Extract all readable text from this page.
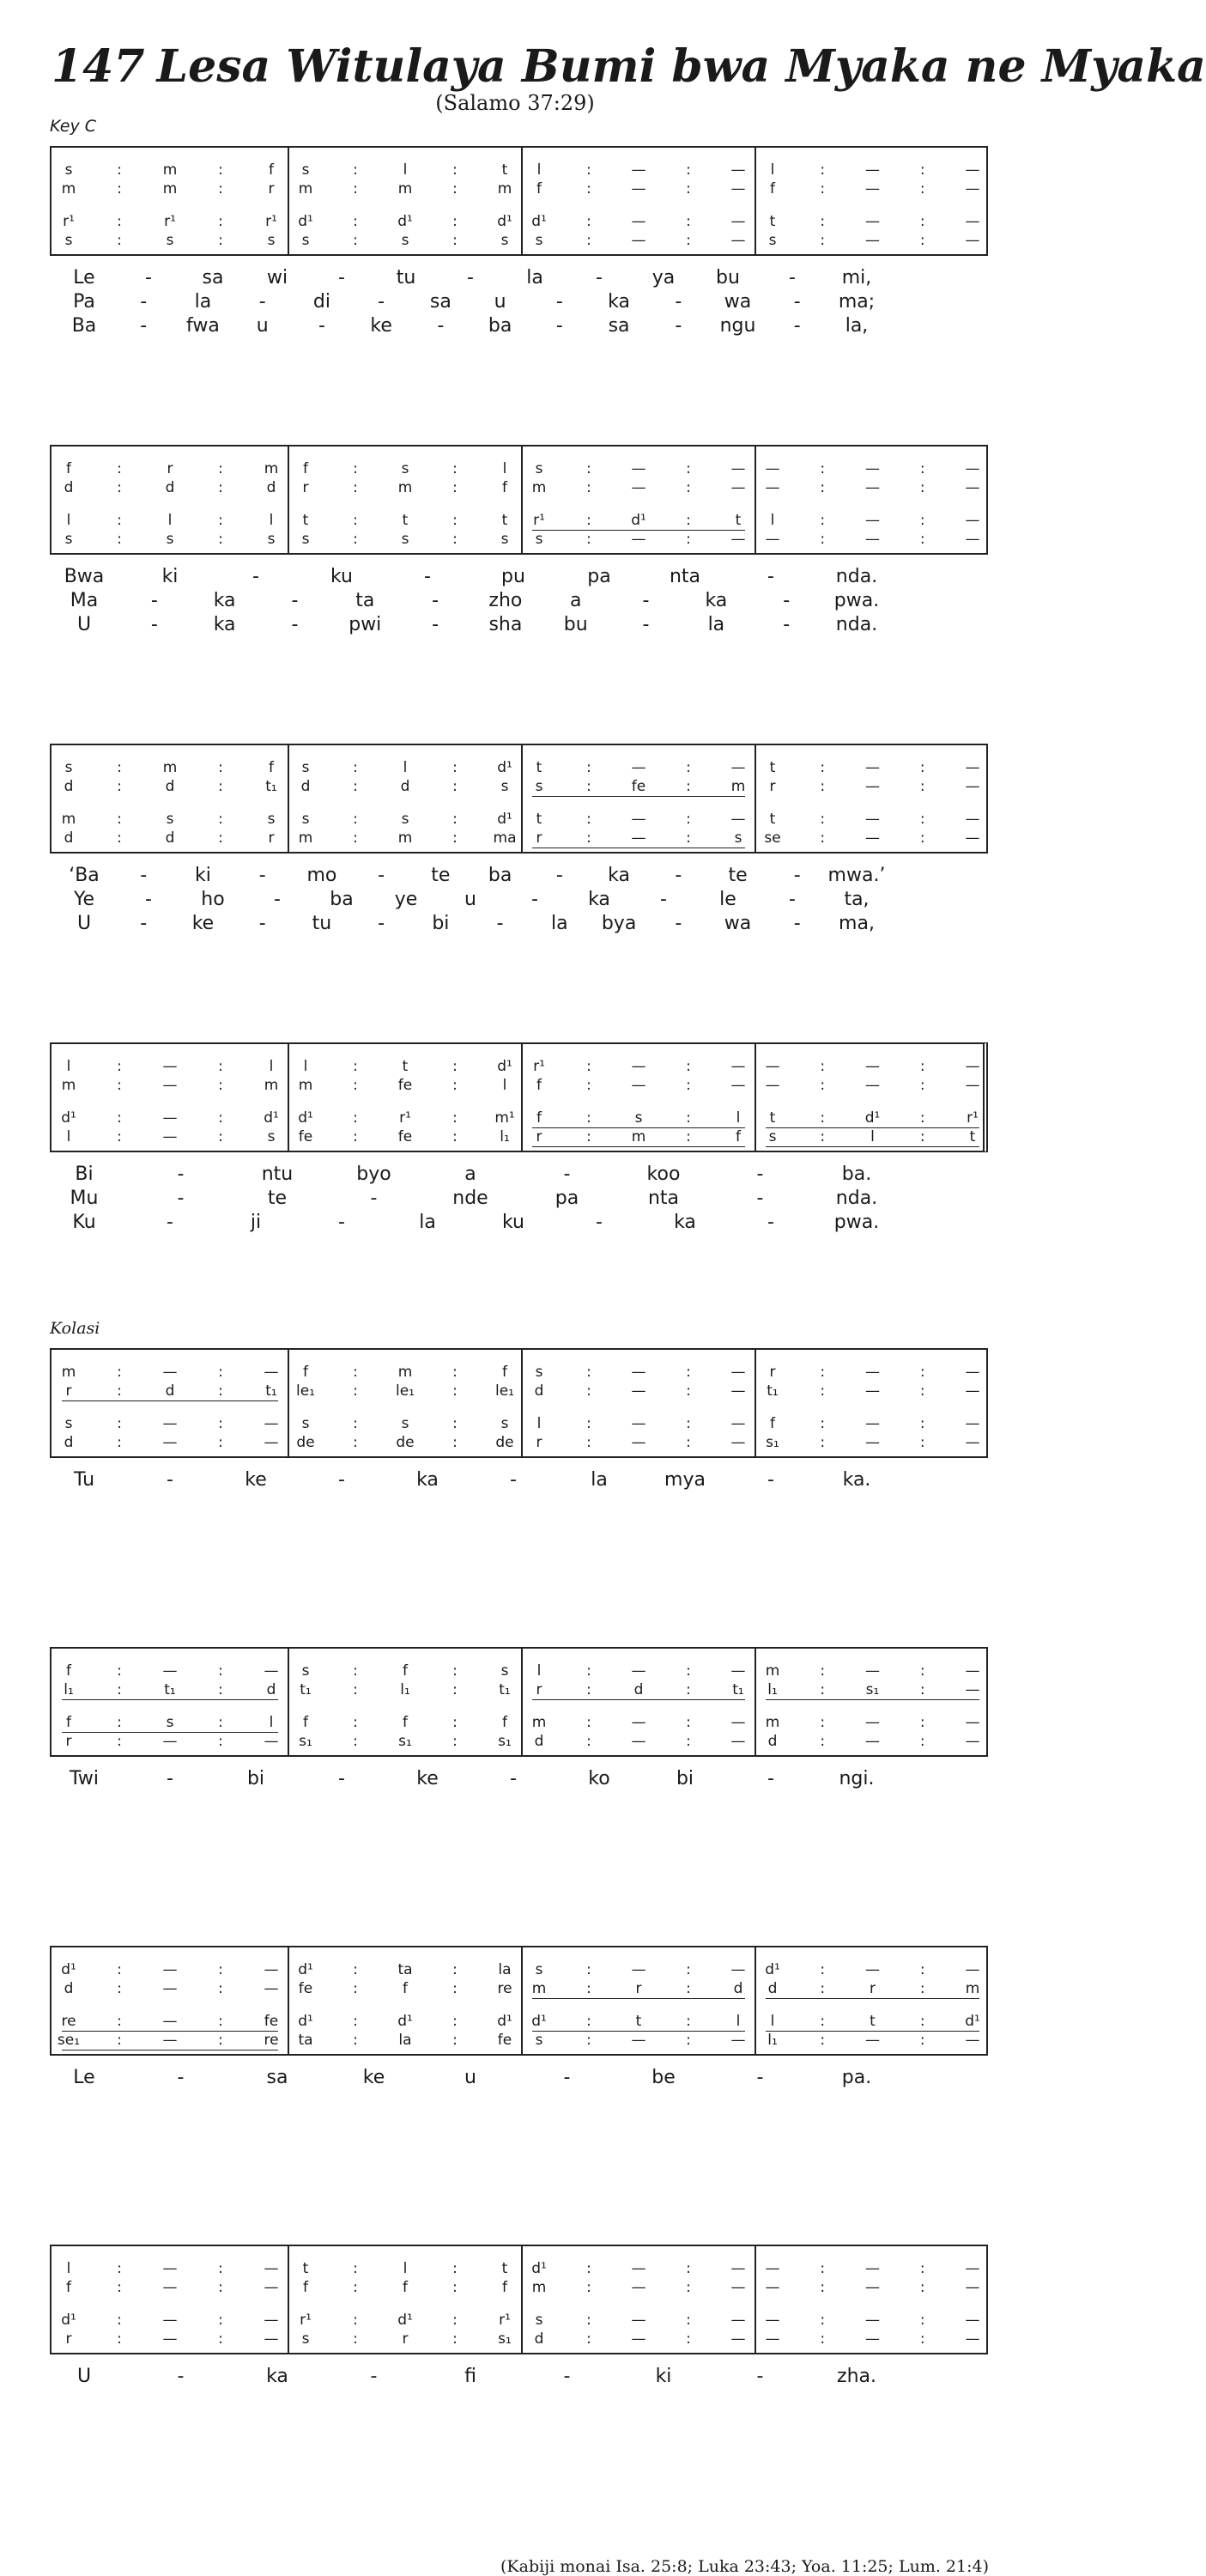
147 Lesa Witulaya Bumi bwa Myaka ne Myaka
(Salamo 37:29)
Key C
Kolasi
s	:	m	:	f s	:	l	:	t l	:	—	:	— l	:	—	:	—
m	:	m	:	r m	:	m	:	m f	:	—	:	— f	:	—	:	—
r¹	:	r¹	:	r¹ d¹	:	d¹	:	d¹ d¹	:	—	:	— t	:	—	:	—
s	:	s	:	s s	:	s	:	s s	:	—	:	— s	:	—	:	—
Le	-	sa wi	-	tu	-	la	-	ya bu	- mi,
Pa -	la	-	di	- sa u	- ka - wa - ma;
Ba - fwa u	- ke - ba - sa - ngu - la,
f	:	r	:	m f	:	s	:	l s	:	—	:	— —	:	—	:	—
d	:	d	:	d r	:	m	:	f m	:	—	:	— —	:	—	:	—
l	:	l	:	l t	:	t	:	t r¹	:	d¹	:	t l	:	—	:	—
s	:	s	:	s s	:	s	:	s s	:	—	:	— —	:	—	:	—
Bwa	ki	-	ku	-	pu	pa	nta	-	nda.
Ma	-	ka	-	ta	-	zho	a	-	ka	- pwa.
U	-	ka	-	pwi	-	sha bu	-	la	- nda.
s	:	m	:	f s	:	l	:	d¹ t	:	—	:	— t	:	—	:	—
d	:	d	:	t₁ d	:	d	:	s s	:	fe	:	m r	:	—	:	—
m	:	s	:	s s	:	s	:	d¹ t	:	—	:	— t	:	—	:	—
d	:	d	:	r m	:	m	: ma r	:	—	:	s se	:	—	:	—
‘Ba -	ki	- mo - te ba - ka - te - mwa.’
Ye	-	ho	-	ba ye u	-	ka	-	le	-	ta,
U	- ke - tu -	bi	-	la bya - wa - ma,
l	:	—	:	l l	:	t	:	d¹ r¹	:	—	:	— —	:	—	:	—
m	:	—	:	m m	:	fe	:	l f	:	—	:	— —	:	—	:	—
d¹	:	—	:	d¹ d¹	:	r¹	:	m¹ f	:	s	:	l t	:	d¹	:	r¹
l	:	—	:	s fe	:	fe	:	l₁ r	:	m	:	f s	:	l	:	t
Bi	-	ntu	byo	a	-	koo	-	ba.
Mu	-	te	-	nde	pa	nta	-	nda.
Ku	-	ji	-	la	ku	-	ka	-	pwa.
m	:	—	:	— f	:	m	:	f s	:	—	:	— r	:	—	:	—
r	:	d	:	t₁ le₁	:	le₁	:	le₁ d	:	—	:	— t₁	:	—	:	—
s	:	—	:	— s	:	s	:	s l	:	—	:	— f	:	—	:	—
d	:	—	:	— de	:	de	:	de r	:	—	:	— s₁	:	—	:	—
Tu	-	ke	-	ka	-	la	mya	-	ka.
f	:	—	:	— s	:	f	:	s l	:	—	:	— m	:	—	:	—
l₁	:	t₁	:	d t₁	:	l₁	:	t₁ r	:	d	:	t₁ l₁	:	s₁	:	—
f	:	s	:	l f	:	f	:	f m	:	—	:	— m	:	—	:	—
r	:	—	:	— s₁	:	s₁	:	s₁ d	:	—	:	— d	:	—	:	—
Twi	-	bi	-	ke	-	ko	bi	-	ngi.
d¹	:	—	:	— d¹	:	ta	:	la s	:	—	:	— d¹	:	—	:	—
d	:	—	:	— fe	:	f	:	re m	:	r	:	d d	:	r	:	m
re	:	—	:	fe d¹	:	d¹	:	d¹ d¹	:	t	:	l l	:	t	:	d¹
se₁	:	—	:	re ta	:	la	:	fe s	:	—	:	— l₁	:	—	:	—
Le	-	sa	ke	u	-	be	-	pa.
l	:	—	:	— t	:	l	:	t d¹	:	—	:	— —	:	—	:	—
f	:	—	:	— f	:	f	:	f m	:	—	:	— —	:	—	:	—
d¹	:	—	:	— r¹	:	d¹	:	r¹ s	:	—	:	— —	:	—	:	—
r	:	—	:	— s	:	r	:	s₁ d	:	—	:	— —	:	—	:	—
U	-	ka	-	fi	-	ki	-	zha.
(Kabiji monai Isa. 25:8; Luka 23:43; Yoa. 11:25; Lum. 21:4)
